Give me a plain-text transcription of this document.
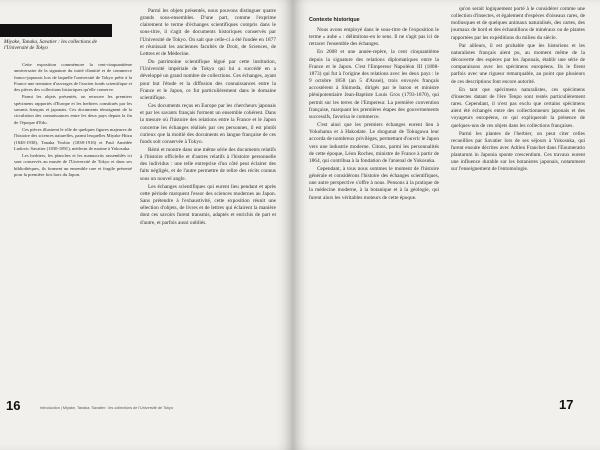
Miyake, Tanaka, Savatier : les collections de l'Université de Tokyo

Cette exposition commémore la cent-cinquantième anniversaire de la signature du traité d'amitié et de commerce franco-japonais lors de laquelle l'université de Tokyo prête à la France une trentaine d'ouvrages de l'ancien fonds scientifique et des pièces des collections historiques qu'elle conserve.

Parmi les objets présentés, on retrouve les premiers spécimens rapportés d'Europe et les herbiers constitués par les savants français et japonais. Ces documents témoignent de la circulation des connaissances entre les deux pays depuis la fin de l'époque d'Edo.

Ces pièces illustrent le rôle de quelques figures majeures de l'histoire des sciences naturelles, parmi lesquelles Miyake Hiizu (1848-1938), Tanaka Yoshio (1838-1916) et Paul Amédée Ludovic Savatier (1830-1891), médecin de marine à Yokosuka.

Les herbiers, les planches et les manuscrits rassemblés ici sont conservés au musée de l'Université de Tokyo et dans ses bibliothèques, ils forment un ensemble rare et fragile présenté pour la première fois hors du Japon.

Parmi les objets présentés, nous pouvons distinguer quatre grands sous-ensembles. D'une part, comme l'exprime clairement le terme d'échanges scientifiques compris dans le sous-titre, il s'agit de documents historiques conservés par l'Université de Tokyo. On sait que celle-ci a été fondée en 1877 et réunissait les anciennes facultés de Droit, de Sciences, de Lettres et de Médecine.

Du patrimoine scientifique légué par cette institution, l'Université impériale de Tokyo qui lui a succédé en a développé un grand nombre de collections. Ces échanges, ayant pour but l'étude et la diffusion des connaissances entre la France et le Japon, ce fut particulièrement dans le domaine scientifique.

Ces documents reçus en Europe par les chercheurs japonais et par les savants français forment un ensemble cohérent. Dans la mesure où l'histoire des relations entre la France et le Japon concerne les échanges réalisés par ces personnes, il est plutôt curieux que la moitié des documents en langue française de ces fonds soit conservée à Tokyo.

Rémi et montre dans une même série des documents relatifs à l'histoire officielle et d'autres relatifs à l'histoire personnelle des individus : une telle entreprise d'un côté peut éclairer des faits négligés, et de l'autre permettre de relire des récits connus sous un nouvel angle.

Les échanges scientifiques qui eurent lieu pendant et après cette période marquent l'essor des sciences modernes au Japon. Sans prétendre à l'exhaustivité, cette exposition réunit une sélection d'objets, de livres et de lettres qui éclairent la manière dont ces savoirs furent transmis, adaptés et enrichis de part et d'autre, et parfois aussi oubliés.

16	Introduction | Miyake, Tanaka, Savatier : les collections de l'Université de Tokyo

Nous avons employé dans le sous-titre de l'exposition le terme « aube » : délimitons-en le sens. Il ne s'agit pas ici de retracer l'ensemble des échanges.

En 2008 et une année-repère, la cent cinquantième depuis la signature des relations diplomatiques entre la France et le Japon. C'est l'Empereur Napoléon III (1808-1873) qui fut à l'origine des relations avec les deux pays : le 9 octobre 1858 (an 5 d'Ansei), trois envoyés français accostèrent à Shimoda, dirigés par le baron et ministre plénipotentiaire Jean-Baptiste Louis Gros (1793-1870), qui permit sur les terres de l'Empereur. La première convention française, marquant les premières étapes des gouvernements successifs, favorisa le commerce.

C'est ainsi que les premiers échanges eurent lieu à Yokohama et à Hakodate. Le shogunat de Tokugawa leur accorda de nombreux privilèges, permettant d'ouvrir le Japon vers une industrie moderne. Citons, parmi les personnalités de cette époque, Léon Roches, ministre de France à partir de 1864, qui contribua à la fondation de l'arsenal de Yokosuka.

Cependant, à tous nous sommes le moment de l'histoire générale et considérons l'histoire des échanges scientifiques, une autre perspective s'offre à nous. Pensons à la pratique de la médecine moderne, à la botanique et à la géologie, qui furent alors les véritables moteurs de cette époque.

qu'on serait logiquement porté à le considérer comme une collection d'insectes, et également d'espèces d'oiseaux rares, de mollusques et de quelques animaux naturalisés, des cartes, des journaux de bord et des échantillons de minéraux ou de plantes rapportées par les expéditions du milieu du siècle.

Par ailleurs, il est probable que les historiens et les naturalistes français aient pu, au moment même de la découverte des espèces par les Japonais, établir une série de comparaisons avec les spécimens européens. Ils le firent parfois avec une rigueur remarquable, au point que plusieurs de ces descriptions font encore autorité.

En tant que spécimens naturalistes, ces spécimens d'insectes datant de l'ère Tenpo sont restés particulièrement rares. Cependant, il n'est pas exclu que certains spécimens aient été échangés entre des collectionneurs japonais et des voyageurs européens, ce qui expliquerait la présence de quelques-uns de ces objets dans les collections françaises.

Parmi les plantes de l'herbier, on peut citer celles recueillies par Savatier lors de ses séjours à Yokosuka, qui furent ensuite décrites avec Adrien Franchet dans l'Enumeratio plantarum in Japonia sponte crescentium. Ces travaux eurent une influence durable sur les botanistes japonais, notamment sur l'enseignement de l'entomologie.

17
Contexte historique
